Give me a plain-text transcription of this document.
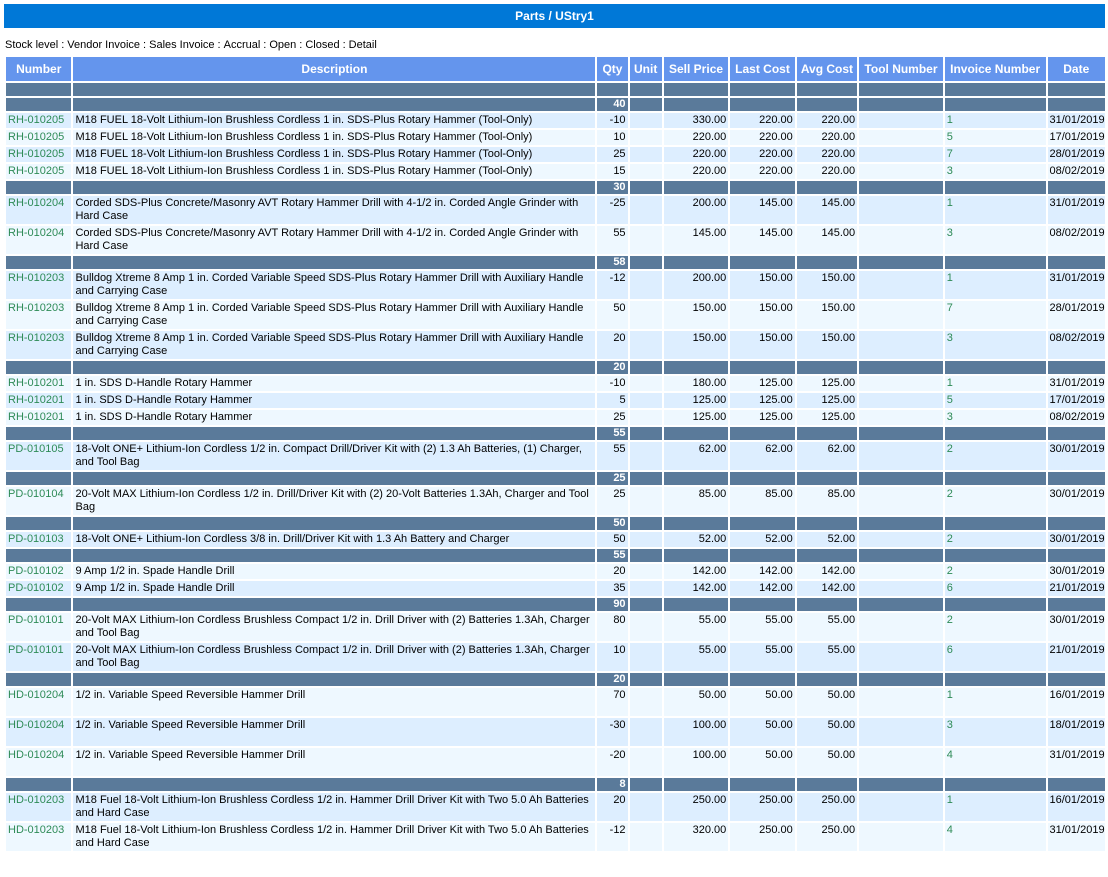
Parts / UStry1
Stock level : Vendor Invoice : Sales Invoice : Accrual : Open : Closed : Detail
Number	Description	Qty	Unit	Sell Price	Last Cost	Avg Cost	Tool Number	Invoice Number	Date

		40							
RH-010205	M18 FUEL 18-Volt Lithium-Ion Brushless Cordless 1 in. SDS-Plus Rotary Hammer (Tool-Only)	-10		330.00	220.00	220.00		1	31/01/2019
RH-010205	M18 FUEL 18-Volt Lithium-Ion Brushless Cordless 1 in. SDS-Plus Rotary Hammer (Tool-Only)	10		220.00	220.00	220.00		5	17/01/2019
RH-010205	M18 FUEL 18-Volt Lithium-Ion Brushless Cordless 1 in. SDS-Plus Rotary Hammer (Tool-Only)	25		220.00	220.00	220.00		7	28/01/2019
RH-010205	M18 FUEL 18-Volt Lithium-Ion Brushless Cordless 1 in. SDS-Plus Rotary Hammer (Tool-Only)	15		220.00	220.00	220.00		3	08/02/2019
		30							
RH-010204	Corded SDS-Plus Concrete/Masonry AVT Rotary Hammer Drill with 4-1/2 in. Corded Angle Grinder with Hard Case	-25		200.00	145.00	145.00		1	31/01/2019
RH-010204	Corded SDS-Plus Concrete/Masonry AVT Rotary Hammer Drill with 4-1/2 in. Corded Angle Grinder with Hard Case	55		145.00	145.00	145.00		3	08/02/2019
		58							
RH-010203	Bulldog Xtreme 8 Amp 1 in. Corded Variable Speed SDS-Plus Rotary Hammer Drill with Auxiliary Handle and Carrying Case	-12		200.00	150.00	150.00		1	31/01/2019
RH-010203	Bulldog Xtreme 8 Amp 1 in. Corded Variable Speed SDS-Plus Rotary Hammer Drill with Auxiliary Handle and Carrying Case	50		150.00	150.00	150.00		7	28/01/2019
RH-010203	Bulldog Xtreme 8 Amp 1 in. Corded Variable Speed SDS-Plus Rotary Hammer Drill with Auxiliary Handle and Carrying Case	20		150.00	150.00	150.00		3	08/02/2019
		20							
RH-010201	1 in. SDS D-Handle Rotary Hammer	-10		180.00	125.00	125.00		1	31/01/2019
RH-010201	1 in. SDS D-Handle Rotary Hammer	5		125.00	125.00	125.00		5	17/01/2019
RH-010201	1 in. SDS D-Handle Rotary Hammer	25		125.00	125.00	125.00		3	08/02/2019
		55							
PD-010105	18-Volt ONE+ Lithium-Ion Cordless 1/2 in. Compact Drill/Driver Kit with (2) 1.3 Ah Batteries, (1) Charger, and Tool Bag	55		62.00	62.00	62.00		2	30/01/2019
		25							
PD-010104	20-Volt MAX Lithium-Ion Cordless 1/2 in. Drill/Driver Kit with (2) 20-Volt Batteries 1.3Ah, Charger and Tool Bag	25		85.00	85.00	85.00		2	30/01/2019
		50							
PD-010103	18-Volt ONE+ Lithium-Ion Cordless 3/8 in. Drill/Driver Kit with 1.3 Ah Battery and Charger	50		52.00	52.00	52.00		2	30/01/2019
		55							
PD-010102	9 Amp 1/2 in. Spade Handle Drill	20		142.00	142.00	142.00		2	30/01/2019
PD-010102	9 Amp 1/2 in. Spade Handle Drill	35		142.00	142.00	142.00		6	21/01/2019
		90							
PD-010101	20-Volt MAX Lithium-Ion Cordless Brushless Compact 1/2 in. Drill Driver with (2) Batteries 1.3Ah, Charger and Tool Bag	80		55.00	55.00	55.00		2	30/01/2019
PD-010101	20-Volt MAX Lithium-Ion Cordless Brushless Compact 1/2 in. Drill Driver with (2) Batteries 1.3Ah, Charger and Tool Bag	10		55.00	55.00	55.00		6	21/01/2019
		20							
HD-010204	1/2 in. Variable Speed Reversible Hammer Drill	70		50.00	50.00	50.00		1	16/01/2019
HD-010204	1/2 in. Variable Speed Reversible Hammer Drill	-30		100.00	50.00	50.00		3	18/01/2019
HD-010204	1/2 in. Variable Speed Reversible Hammer Drill	-20		100.00	50.00	50.00		4	31/01/2019
		8							
HD-010203	M18 Fuel 18-Volt Lithium-Ion Brushless Cordless 1/2 in. Hammer Drill Driver Kit with Two 5.0 Ah Batteries and Hard Case	20		250.00	250.00	250.00		1	16/01/2019
HD-010203	M18 Fuel 18-Volt Lithium-Ion Brushless Cordless 1/2 in. Hammer Drill Driver Kit with Two 5.0 Ah Batteries and Hard Case	-12		320.00	250.00	250.00		4	31/01/2019
